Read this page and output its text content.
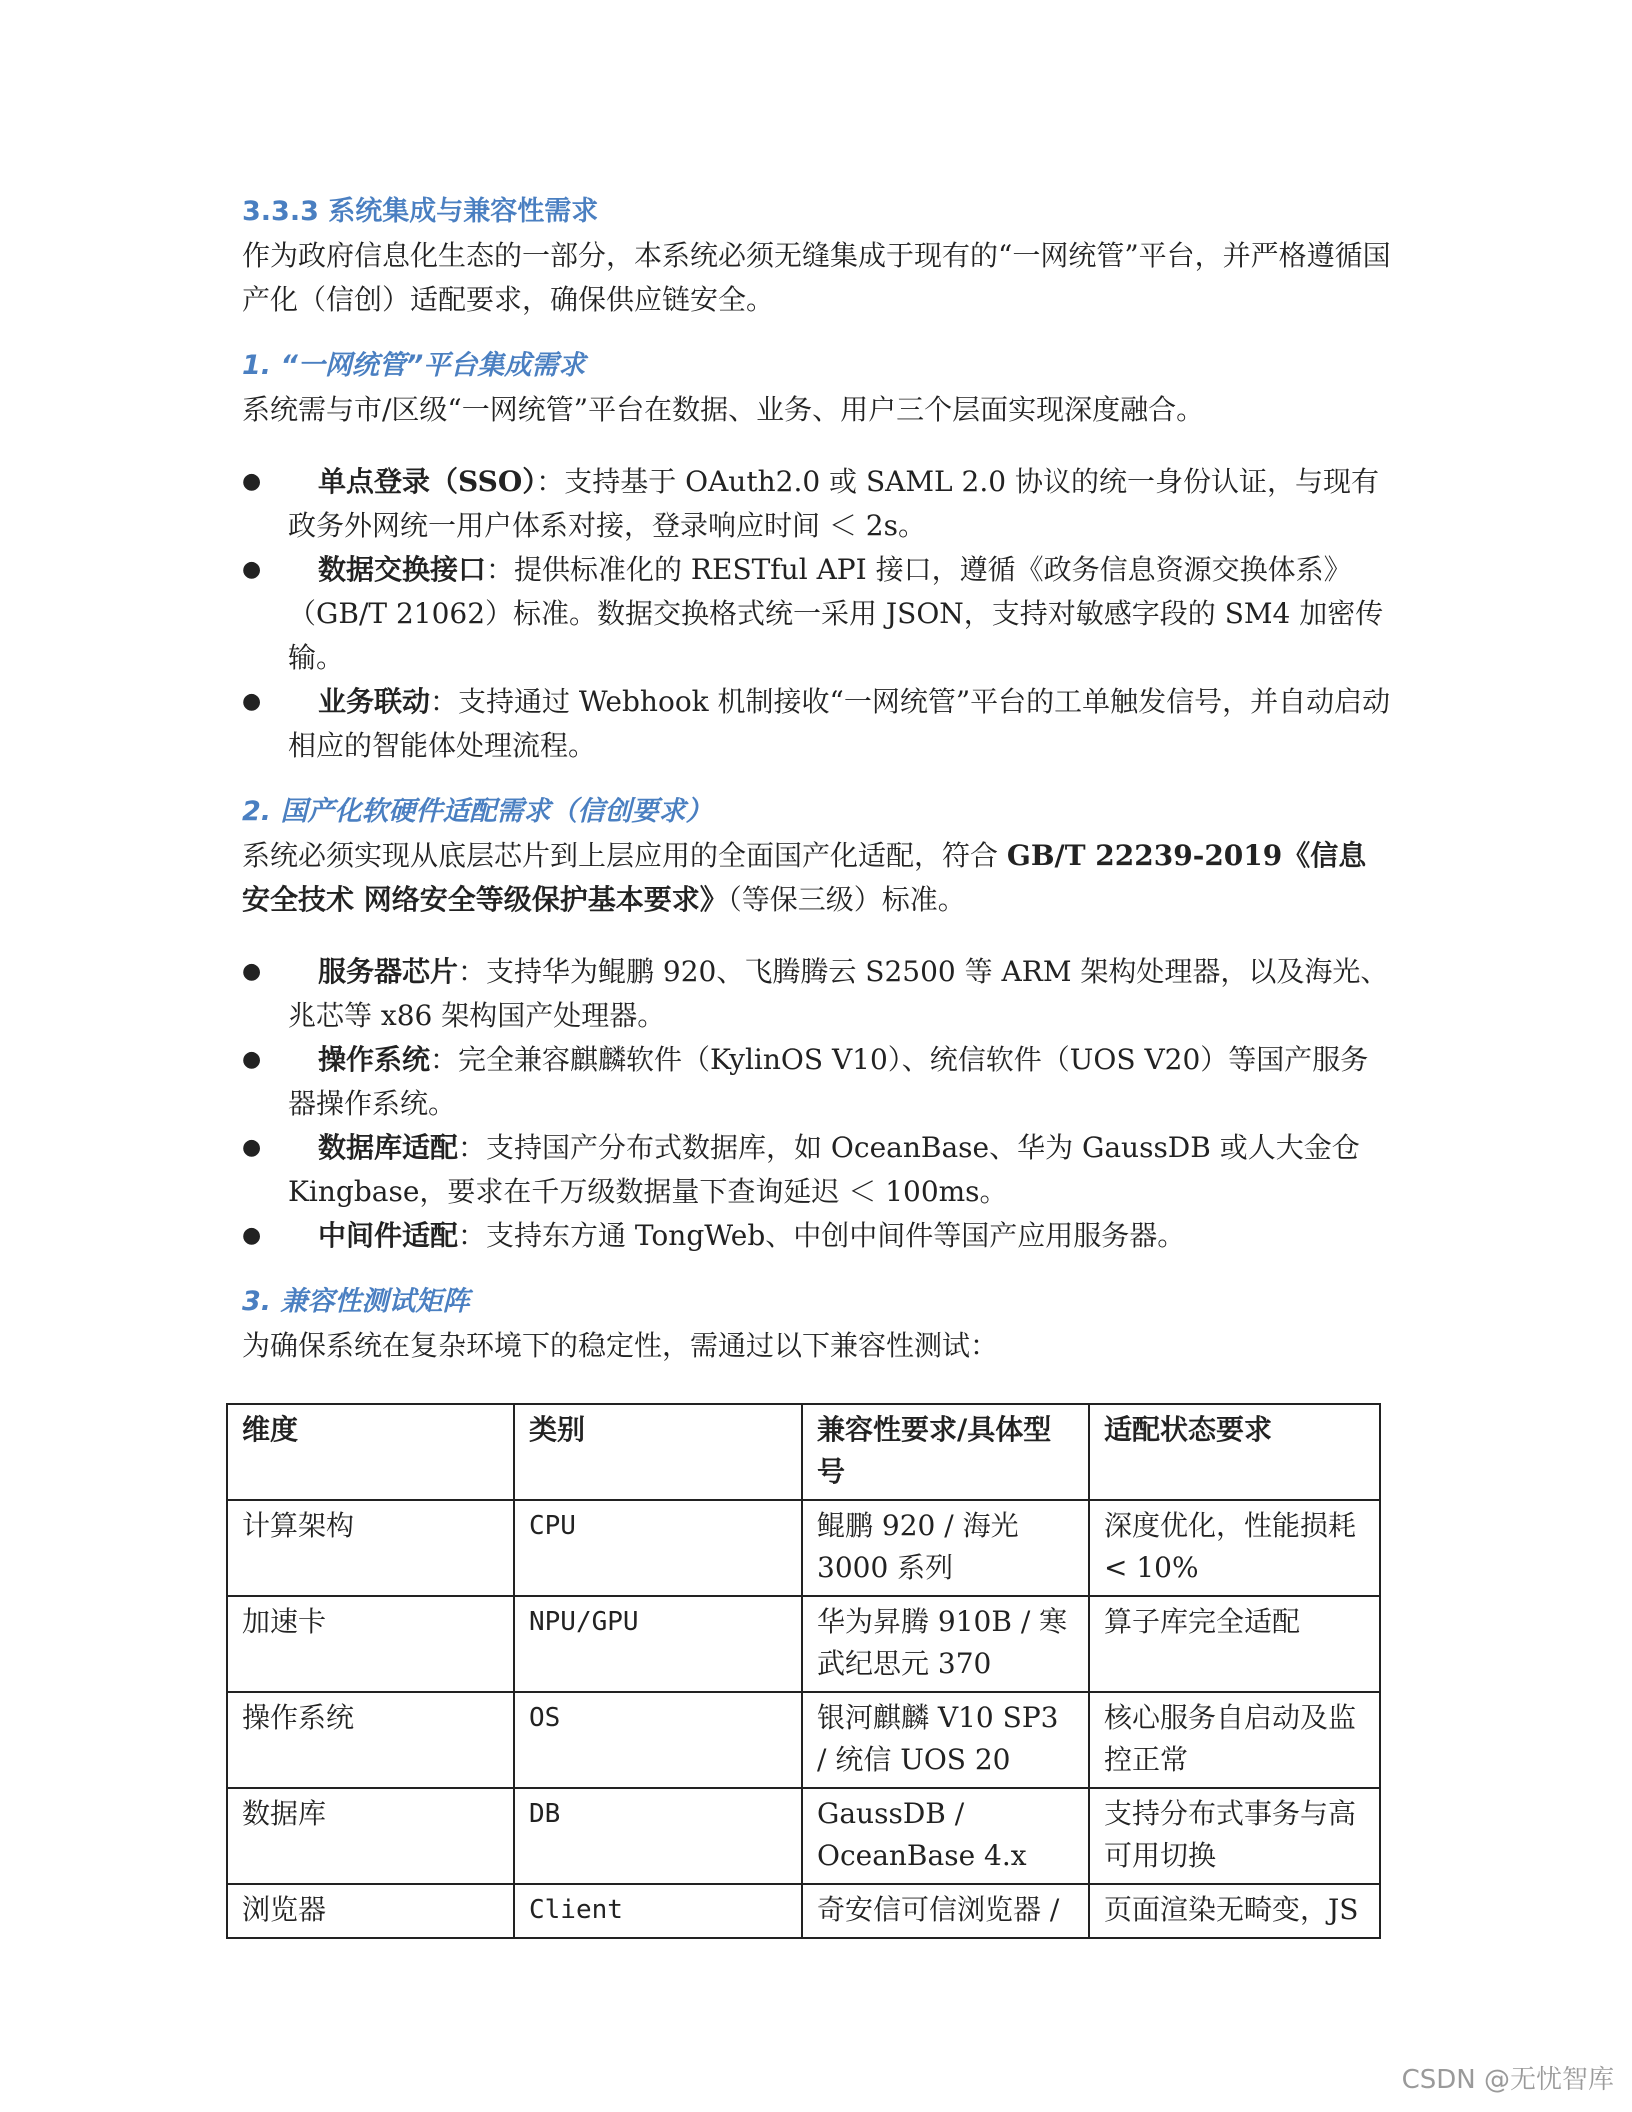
3.3.3 系统集成与兼容性需求

作为政府信息化生态的一部分，本系统必须无缝集成于现有的“一网统管”平台，并严格遵循国产化（信创）适配要求，确保供应链安全。

1. “一网统管”平台集成需求

系统需与市/区级“一网统管”平台在数据、业务、用户三个层面实现深度融合。

● 单点登录（SSO）：支持基于 OAuth2.0 或 SAML 2.0 协议的统一身份认证，与现有政务外网统一用户体系对接，登录响应时间 ＜ 2s。
● 数据交换接口：提供标准化的 RESTful API 接口，遵循《政务信息资源交换体系》（GB/T 21062）标准。数据交换格式统一采用 JSON，支持对敏感字段的 SM4 加密传输。
● 业务联动：支持通过 Webhook 机制接收“一网统管”平台的工单触发信号，并自动启动相应的智能体处理流程。
2. 国产化软硬件适配需求（信创要求）

系统必须实现从底层芯片到上层应用的全面国产化适配，符合 GB/T 22239-2019《信息安全技术 网络安全等级保护基本要求》（等保三级）标准。

● 服务器芯片：支持华为鲲鹏 920、飞腾腾云 S2500 等 ARM 架构处理器，以及海光、兆芯等 x86 架构国产处理器。
● 操作系统：完全兼容麒麟软件（KylinOS V10）、统信软件（UOS V20）等国产服务器操作系统。
● 数据库适配：支持国产分布式数据库，如 OceanBase、华为 GaussDB 或人大金仓 Kingbase，要求在千万级数据量下查询延迟 ＜ 100ms。
● 中间件适配：支持东方通 TongWeb、中创中间件等国产应用服务器。
3. 兼容性测试矩阵

为确保系统在复杂环境下的稳定性，需通过以下兼容性测试：

维度	类别	兼容性要求/具体型号	适配状态要求
计算架构	CPU	鲲鹏 920 / 海光 3000 系列	深度优化，性能损耗 < 10%
加速卡	NPU/GPU	华为昇腾 910B / 寒武纪思元 370	算子库完全适配
操作系统	OS	银河麒麟 V10 SP3 / 统信 UOS 20	核心服务自启动及监控正常
数据库	DB	GaussDB / OceanBase 4.x	支持分布式事务与高可用切换
浏览器	Client	奇安信可信浏览器 /	页面渲染无畸变，JS
CSDN @无忧智库
